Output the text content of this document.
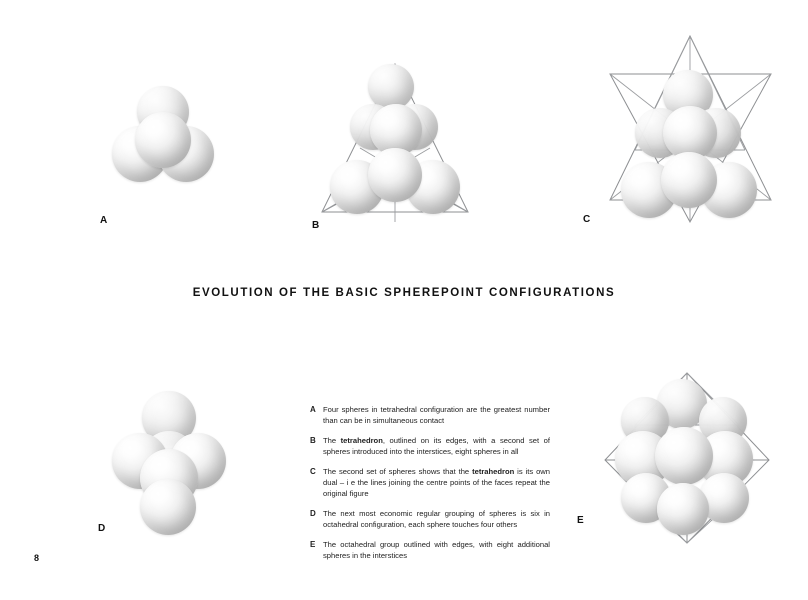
A	B
C
EVOLUTION OF THE BASIC SPHEREPOINT CONFIGURATIONS
D
E
A Four spheres in tetrahedral configuration are the greatest number than can be in simultaneous contact
B The tetrahedron, outlined on its edges, with a second set of spheres introduced into the interstices, eight spheres in all
C The second set of spheres shows that the tetrahedron is its own dual – i e the lines joining the centre points of the faces repeat the original figure
D The next most economic regular grouping of spheres is six in octahedral configuration, each sphere touches four others
E	The octahedral group outlined with edges, with eight additional spheres in the interstices
8
